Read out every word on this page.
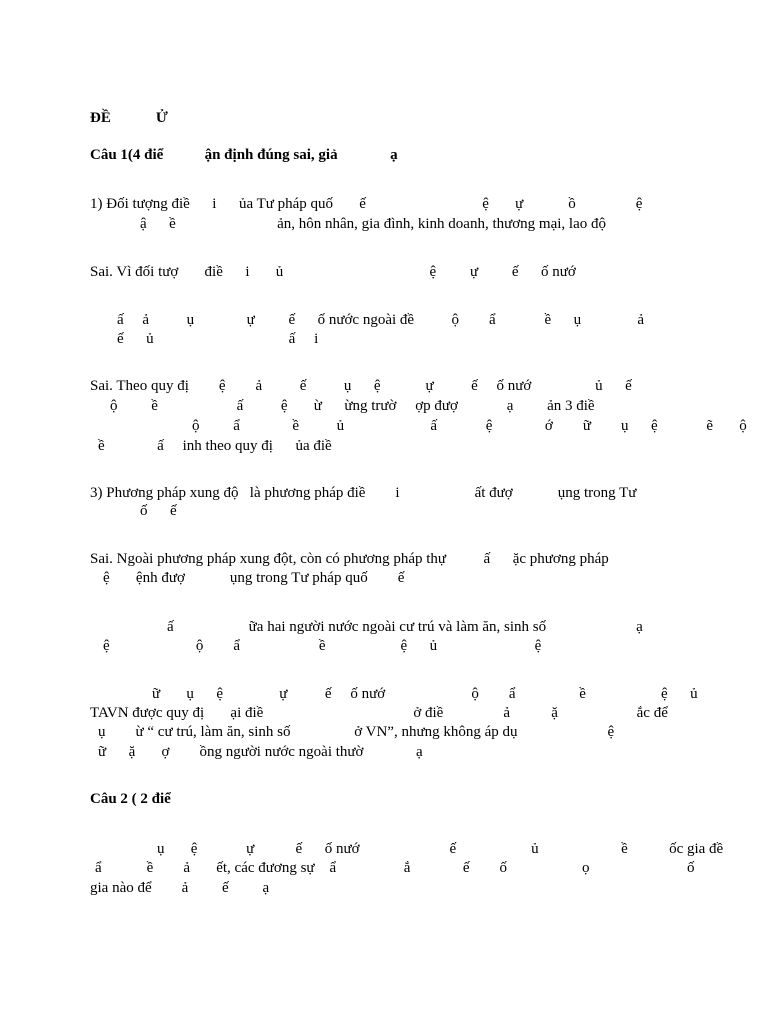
ĐỀ            Ử

Câu 1(4 điể           ận định đúng sai, giả              ạ

1) Đối tượng điề      i      ủa Tư pháp quố       ế                               ệ       ự            ồ                ệ

ậ      ề                           ản, hôn nhân, gia đình, kinh doanh, thương mại, lao độ

Sai. Vì đối tượ       điề      i       ủ                                       ệ         ự         ế      ố nướ

ấ     ả          ụ              ự         ế      ố nước ngoài đề          ộ        ẩ             ề      ụ               ả

ế      ủ                                    ấ     i

Sai. Theo quy đị        ệ        ả          ế          ụ      ệ            ự          ế     ố nướ                 ủ      ế

ộ         ề                     ấ          ệ       ừ      ừng trườ     ợp đượ             ạ         ản 3 điề

ộ         ẩ              ề          ủ                       ấ             ệ              ớ        ữ        ụ      ệ             ẽ       ộ

ề              ấ     inh theo quy đị      ủa điề

3) Phương pháp xung độ   là phương pháp điề        i                    ất đượ            ụng trong Tư

ố      ế

Sai. Ngoài phương pháp xung đột, còn có phương pháp thự          ấ      ặc phương pháp

ệ       ệnh đượ            ụng trong Tư pháp quố        ế

ấ                    ữa hai người nước ngoài cư trú và làm ăn, sinh số                        ạ

ệ                       ộ        ẩ                     ề                    ệ      ủ                          ệ

ữ       ụ      ệ               ự          ế     ố nướ                       ộ        ẩ                 ề                    ệ      ủ

TAVN được quy đị       ại điề                                        ở điề                ả           ặ                     ắc để

ụ        ừ “ cư trú, làm ăn, sinh số                 ở VN”, nhưng không áp dụ                        ệ

ữ      ặ       ợ        ồng người nước ngoài thườ              ạ

Câu 2 ( 2 điể

ụ       ệ             ự           ế      ố nướ                        ế                    ủ                      ề           ốc gia đề

ẩ            ề        ả       ết, các đương sự    ẩ                  ắ              ế        ố                    ọ                          ố

gia nào để        ả         ế         ạ
